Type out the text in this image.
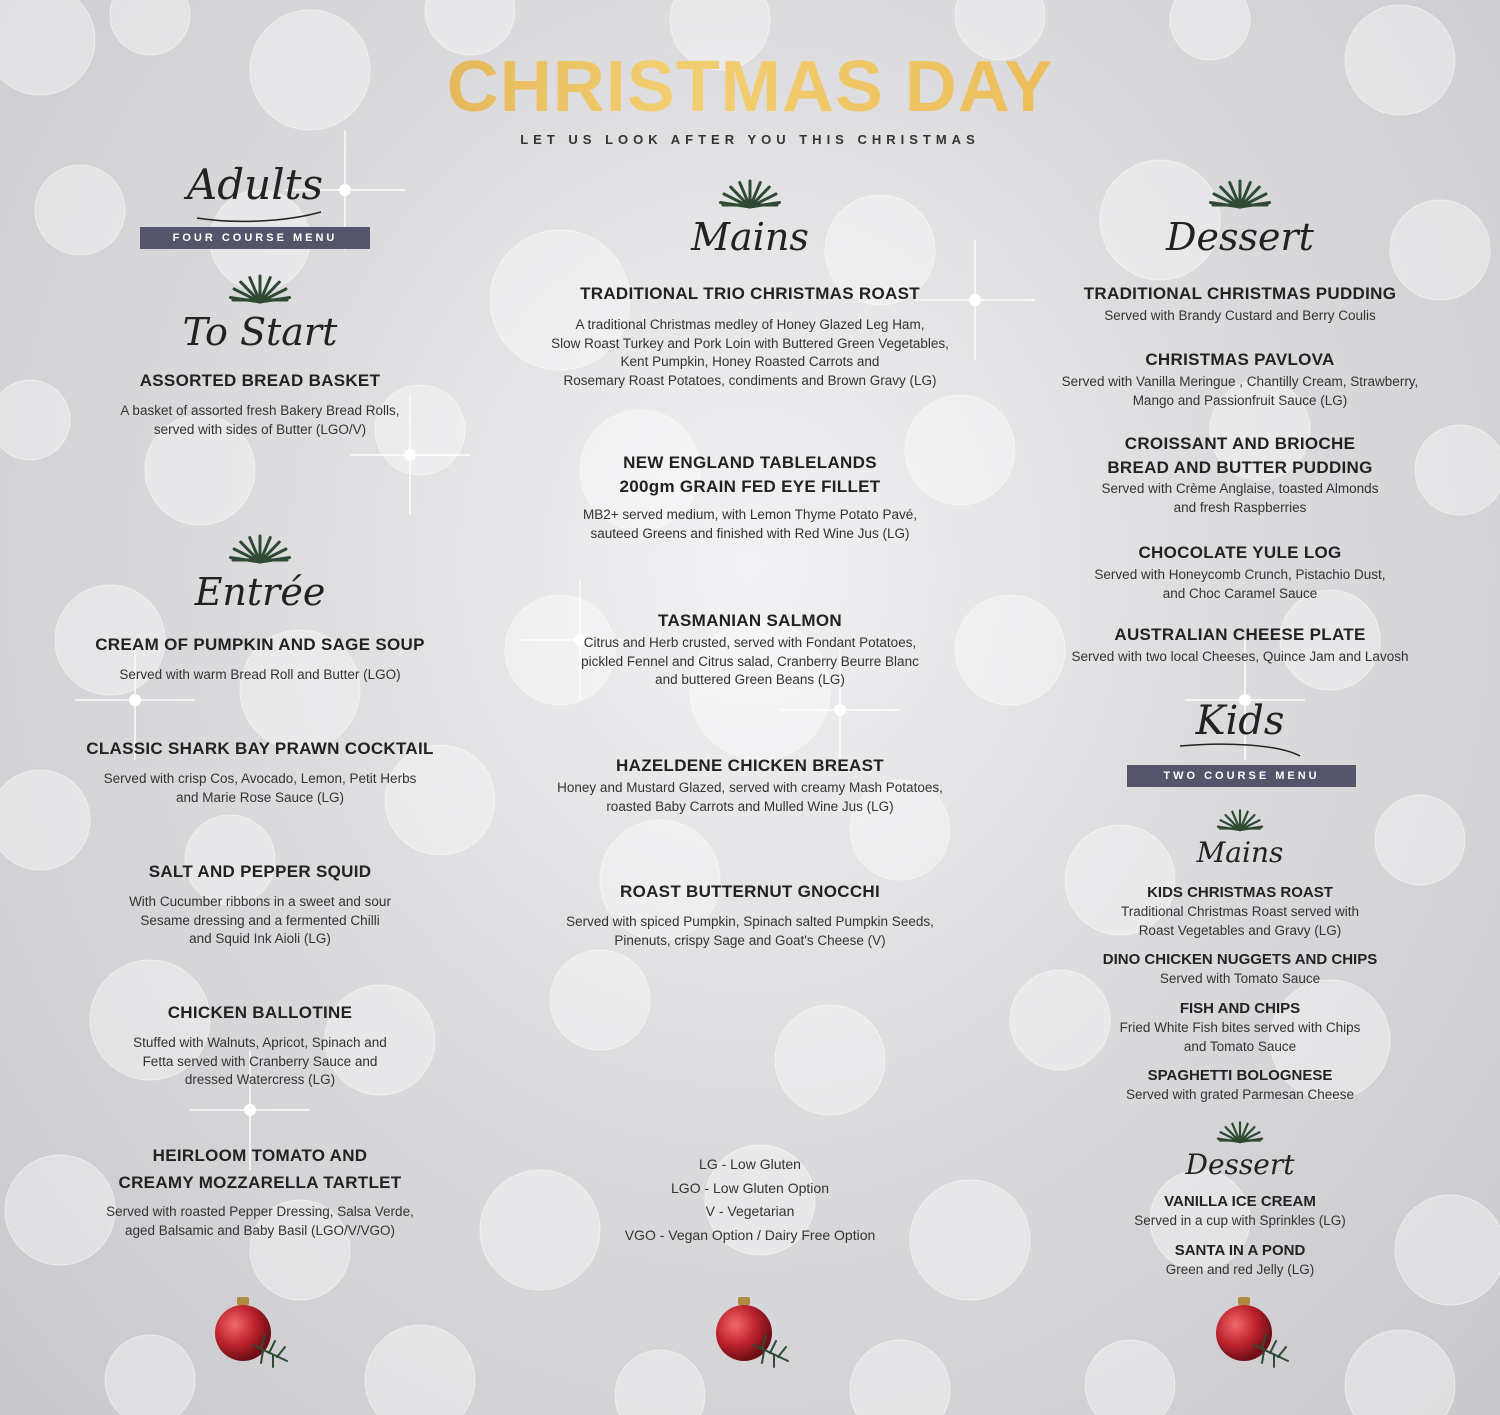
CHRISTMAS DAY
LET US LOOK AFTER YOU THIS CHRISTMAS
Adults
FOUR COURSE MENU
To Start
ASSORTED BREAD BASKET
A basket of assorted fresh Bakery Bread Rolls,
served with sides of Butter (LGO/V)
Entrée
CREAM OF PUMPKIN AND SAGE SOUP
Served with warm Bread Roll and Butter (LGO)
CLASSIC SHARK BAY PRAWN COCKTAIL
Served with crisp Cos, Avocado, Lemon, Petit Herbs
and Marie Rose Sauce (LG)
SALT AND PEPPER SQUID
With Cucumber ribbons in a sweet and sour
Sesame dressing and a fermented Chilli
and Squid Ink Aioli (LG)
CHICKEN BALLOTINE
Stuffed with Walnuts, Apricot, Spinach and
Fetta served with Cranberry Sauce and
dressed Watercress (LG)
HEIRLOOM TOMATO AND
CREAMY MOZZARELLA TARTLET
Served with roasted Pepper Dressing, Salsa Verde,
aged Balsamic and Baby Basil (LGO/V/VGO)
Mains
TRADITIONAL TRIO CHRISTMAS ROAST
A traditional Christmas medley of Honey Glazed Leg Ham,
Slow Roast Turkey and Pork Loin with Buttered Green Vegetables,
Kent Pumpkin, Honey Roasted Carrots and
Rosemary Roast Potatoes, condiments and Brown Gravy (LG)
NEW ENGLAND TABLELANDS
200gm GRAIN FED EYE FILLET
MB2+ served medium, with Lemon Thyme Potato Pavé,
sauteed Greens and finished with Red Wine Jus (LG)
TASMANIAN SALMON
Citrus and Herb crusted, served with Fondant Potatoes,
pickled Fennel and Citrus salad, Cranberry Beurre Blanc
and buttered Green Beans (LG)
HAZELDENE CHICKEN BREAST
Honey and Mustard Glazed, served with creamy Mash Potatoes,
roasted Baby Carrots and Mulled Wine Jus (LG)
ROAST BUTTERNUT GNOCCHI
Served with spiced Pumpkin, Spinach salted Pumpkin Seeds,
Pinenuts, crispy Sage and Goat's Cheese (V)
LG - Low Gluten
LGO - Low Gluten Option
V - Vegetarian
VGO - Vegan Option / Dairy Free Option
Dessert
TRADITIONAL CHRISTMAS PUDDING
Served with Brandy Custard and Berry Coulis
CHRISTMAS PAVLOVA
Served with Vanilla Meringue , Chantilly Cream, Strawberry,
Mango and Passionfruit Sauce (LG)
CROISSANT AND BRIOCHE
BREAD AND BUTTER PUDDING
Served with Crème Anglaise, toasted Almonds
and fresh Raspberries
CHOCOLATE YULE LOG
Served with Honeycomb Crunch, Pistachio Dust,
and Choc Caramel Sauce
AUSTRALIAN CHEESE PLATE
Served with two local Cheeses, Quince Jam and Lavosh
Kids
TWO COURSE MENU
Mains
KIDS CHRISTMAS ROAST
Traditional Christmas Roast served with
Roast Vegetables and Gravy (LG)
DINO CHICKEN NUGGETS AND CHIPS
Served with Tomato Sauce
FISH AND CHIPS
Fried White Fish bites served with Chips
and Tomato Sauce
SPAGHETTI BOLOGNESE
Served with grated Parmesan Cheese
Dessert
VANILLA ICE CREAM
Served in a cup with Sprinkles (LG)
SANTA IN A POND
Green and red Jelly (LG)
